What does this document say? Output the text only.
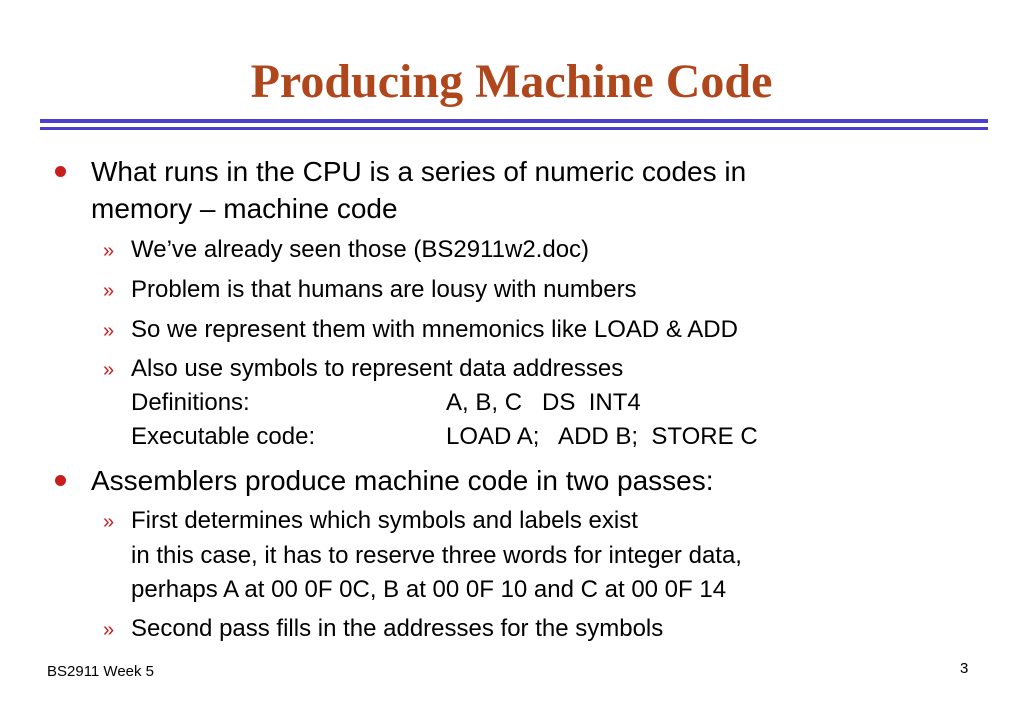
Producing Machine Code
What runs in the CPU is a series of numeric codes in
memory – machine code
» We’ve already seen those (BS2911w2.doc)
» Problem is that humans are lousy with numbers
» So we represent them with mnemonics like LOAD & ADD
» Also use symbols to represent data addresses
Definitions:	A, B, C   DS  INT4
Executable code:	LOAD A;   ADD B;  STORE C
Assemblers produce machine code in two passes:
» First determines which symbols and labels exist
in this case, it has to reserve three words for integer data,
perhaps A at 00 0F 0C, B at 00 0F 10 and C at 00 0F 14
» Second pass fills in the addresses for the symbols
BS2911 Week 5	3
